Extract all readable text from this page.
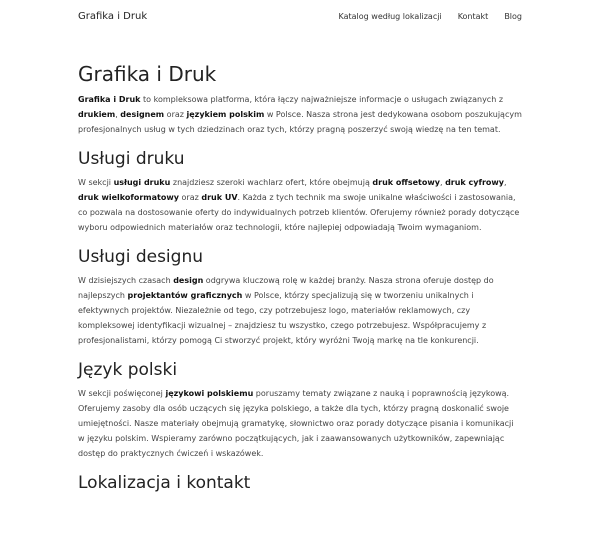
Grafika i Druk	Katalog według lokalizacji Kontakt Blog
Grafika i Druk

Grafika i Druk to kompleksowa platforma, która łączy najważniejsze informacje o usługach związanych z drukiem, designem oraz językiem polskim w Polsce. Nasza strona jest dedykowana osobom poszukującym profesjonalnych usług w tych dziedzinach oraz tych, którzy pragną poszerzyć swoją wiedzę na ten temat.

Usługi druku

W sekcji usługi druku znajdziesz szeroki wachlarz ofert, które obejmują druk offsetowy, druk cyfrowy, druk wielkoformatowy oraz druk UV. Każda z tych technik ma swoje unikalne właściwości i zastosowania, co pozwala na dostosowanie oferty do indywidualnych potrzeb klientów. Oferujemy również porady dotyczące wyboru odpowiednich materiałów oraz technologii, które najlepiej odpowiadają Twoim wymaganiom.

Usługi designu

W dzisiejszych czasach design odgrywa kluczową rolę w każdej branży. Nasza strona oferuje dostęp do najlepszych projektantów graficznych w Polsce, którzy specjalizują się w tworzeniu unikalnych i efektywnych projektów. Niezależnie od tego, czy potrzebujesz logo, materiałów reklamowych, czy kompleksowej identyfikacji wizualnej – znajdziesz tu wszystko, czego potrzebujesz. Współpracujemy z profesjonalistami, którzy pomogą Ci stworzyć projekt, który wyróżni Twoją markę na tle konkurencji.

Język polski

W sekcji poświęconej językowi polskiemu poruszamy tematy związane z nauką i poprawnością językową. Oferujemy zasoby dla osób uczących się języka polskiego, a także dla tych, którzy pragną doskonalić swoje umiejętności. Nasze materiały obejmują gramatykę, słownictwo oraz porady dotyczące pisania i komunikacji w języku polskim. Wspieramy zarówno początkujących, jak i zaawansowanych użytkowników, zapewniając dostęp do praktycznych ćwiczeń i wskazówek.

Lokalizacja i kontakt
